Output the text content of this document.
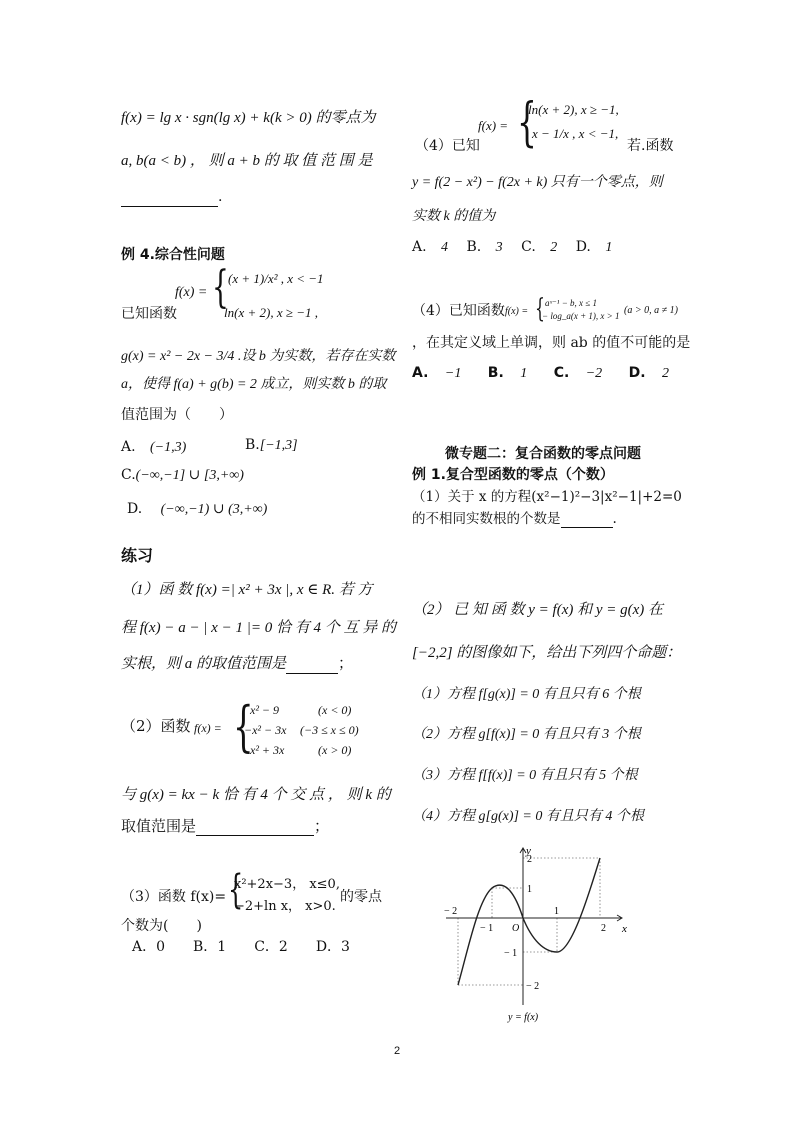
f(x) = lg x · sgn(lg x) + k(k > 0) 的零点为
a, b(a < b) ， 则 a + b 的 取 值 范 围 是
.
例 4.综合性问题
f(x) = { (x + 1)/x² , x < −1
ln(x + 2), x ≥ −1 ,
已知函数
g(x) = x² − 2x − 3/4 .设 b 为实数，若存在实数
a，使得 f(a) + g(b) = 2 成立，则实数 b 的取
值范围为（　　）
A. (−1,3)	B.[−1,3]
C.(−∞,−1] ∪ [3,+∞)
D. (−∞,−1) ∪ (3,+∞)
练习
（1）函 数 f(x) =| x² + 3x |, x ∈ R. 若 方
程 f(x) − a − | x − 1 |= 0 恰 有 4 个 互 异 的
实根，则 a 的取值范围是	；
（2）函数 f(x) = {
x² − 9	(x < 0)
−x² − 3x (−3 ≤ x ≤ 0)
x² + 3x	(x > 0)
与 g(x) = kx − k 恰 有 4 个 交 点 ， 则 k 的
取值范围是	；
（3）函数 f(x)= {
x²+2x−3， x≤0,
−2+ln x， x>0.
的零点
个数为(　　)
A．0　　B．1　　C．2　　D．3
f(x) = {
ln(x + 2), x ≥ −1,
x − 1/x , x < −1,
（4）已知	若.函数
y = f(2 − x²) − f(2x + k) 只有一个零点，则
实数 k 的值为
A. 4 B. 3 C. 2 D. 1
（4）已知函数 f(x) = { aˣ⁻¹ − b, x ≤ 1
− log_a(x + 1), x > 1 (a > 0, a ≠ 1)
，在其定义域上单调，则 ab 的值不可能的是
A. −1 B. 1 C. −2 D. 2
微专题二：复合函数的零点问题
例 1.复合型函数的零点（个数）
（1）关于 x 的方程(x²−1)²−3|x²−1|+2=0
的不相同实数根的个数是	.
（2） 已 知 函 数 y = f(x) 和 y = g(x) 在
[−2,2] 的图像如下，给出下列四个命题：
（1）方程 f[g(x)] = 0 有且只有 6 个根
（2）方程 g[f(x)] = 0 有且只有 3 个根
（3）方程 f[f(x)] = 0 有且只有 5 个根
（4）方程 g[g(x)] = 0 有且只有 4 个根
y
x
O
− 2
− 1
1
2
1
2
− 1
− 2
y = f(x)
2
